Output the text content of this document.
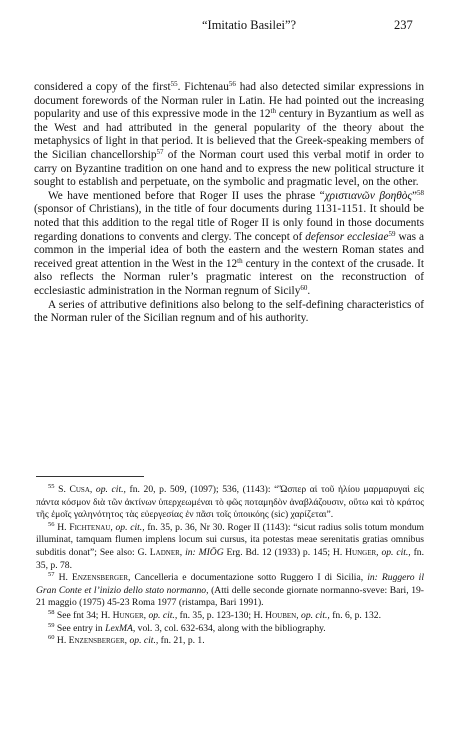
“Imitatio Basilei”?	237

considered a copy of the first$^{55}$. Fichtenau$^{56}$ had also detected similar expressions in document forewords of the Norman ruler in Latin. He had pointed out the increasing popularity and use of this expressive mode in the 12th century in Byzantium as well as the West and had attributed in the general popularity of the theory about the metaphysics of light in that period. It is believed that the Greek-speaking members of the Sicilian chancellorship$^{57}$ of the Norman court used this verbal motif in order to carry on Byzantine tradition on one hand and to express the new political structure it sought to establish and perpetuate, on the symbolic and pragmatic level, on the other.

We have mentioned before that Roger II uses the phrase “χριστιανῶν βοηθὸς”$^{58}$ (sponsor of Christians), in the title of four documents during 1131-1151. It should be noted that this addition to the regal title of Roger II is only found in those documents regarding donations to convents and clergy. The concept of defensor ecclesiae$^{59}$ was a common in the imperial idea of both the eastern and the western Roman states and received great attention in the West in the 12th century in the context of the crusade. It also reflects the Norman ruler’s pragmatic interest on the reconstruction of ecclesiastic administration in the Norman regnum of Sicily$^{60}$.

A series of attributive definitions also belong to the self-defining characteristics of the Norman ruler of the Sicilian regnum and of his authority.

$^{55}$ S. Cusa, op. cit., fn. 20, p. 509, (1097); 536, (1143): “Ὥσπερ αἱ τοῦ ἡλίου μαρμαρυγαὶ εἰς πάντα κόσμον διὰ τῶν ἀκτίνων ὑπερχεωμέναι τὸ φῶς ποταμηδὸν ἀναβλάζουσιν, οὕτω καὶ τὸ κράτος τῆς ἐμοῖς γαληνότητος τὰς εὐεργεσίας ἐν πᾶσι τοῖς ὑποικόης (sic) χαρίζεται”.

$^{56}$ H. Fichtenau, op. cit., fn. 35, p. 36, Nr 30. Roger II (1143): “sicut radius solis totum mondum illuminat, tamquam flumen implens locum sui cursus, ita potestas meae serenitatis gratias omnibus subditis donat”; See also: G. Ladner, in: MIÖG Erg. Bd. 12 (1933) p. 145; H. Hunger, op. cit., fn. 35, p. 78.

$^{57}$ H. Enzensberger, Cancelleria e documentazione sotto Ruggero I di Sicilia, in: Ruggero il Gran Conte et l’inizio dello stato normanno, (Atti delle seconde giornate normanno-sveve: Bari, 19-21 maggio (1975) 45-23 Roma 1977 (ristampa, Bari 1991).

$^{58}$ See fnt 34; H. Hunger, op. cit., fn. 35, p. 123-130; H. Houben, op. cit., fn. 6, p. 132.

$^{59}$ See entry in LexMA, vol. 3, col. 632-634, along with the bibliography.

$^{60}$ H. Enzensberger, op. cit., fn. 21, p. 1.
